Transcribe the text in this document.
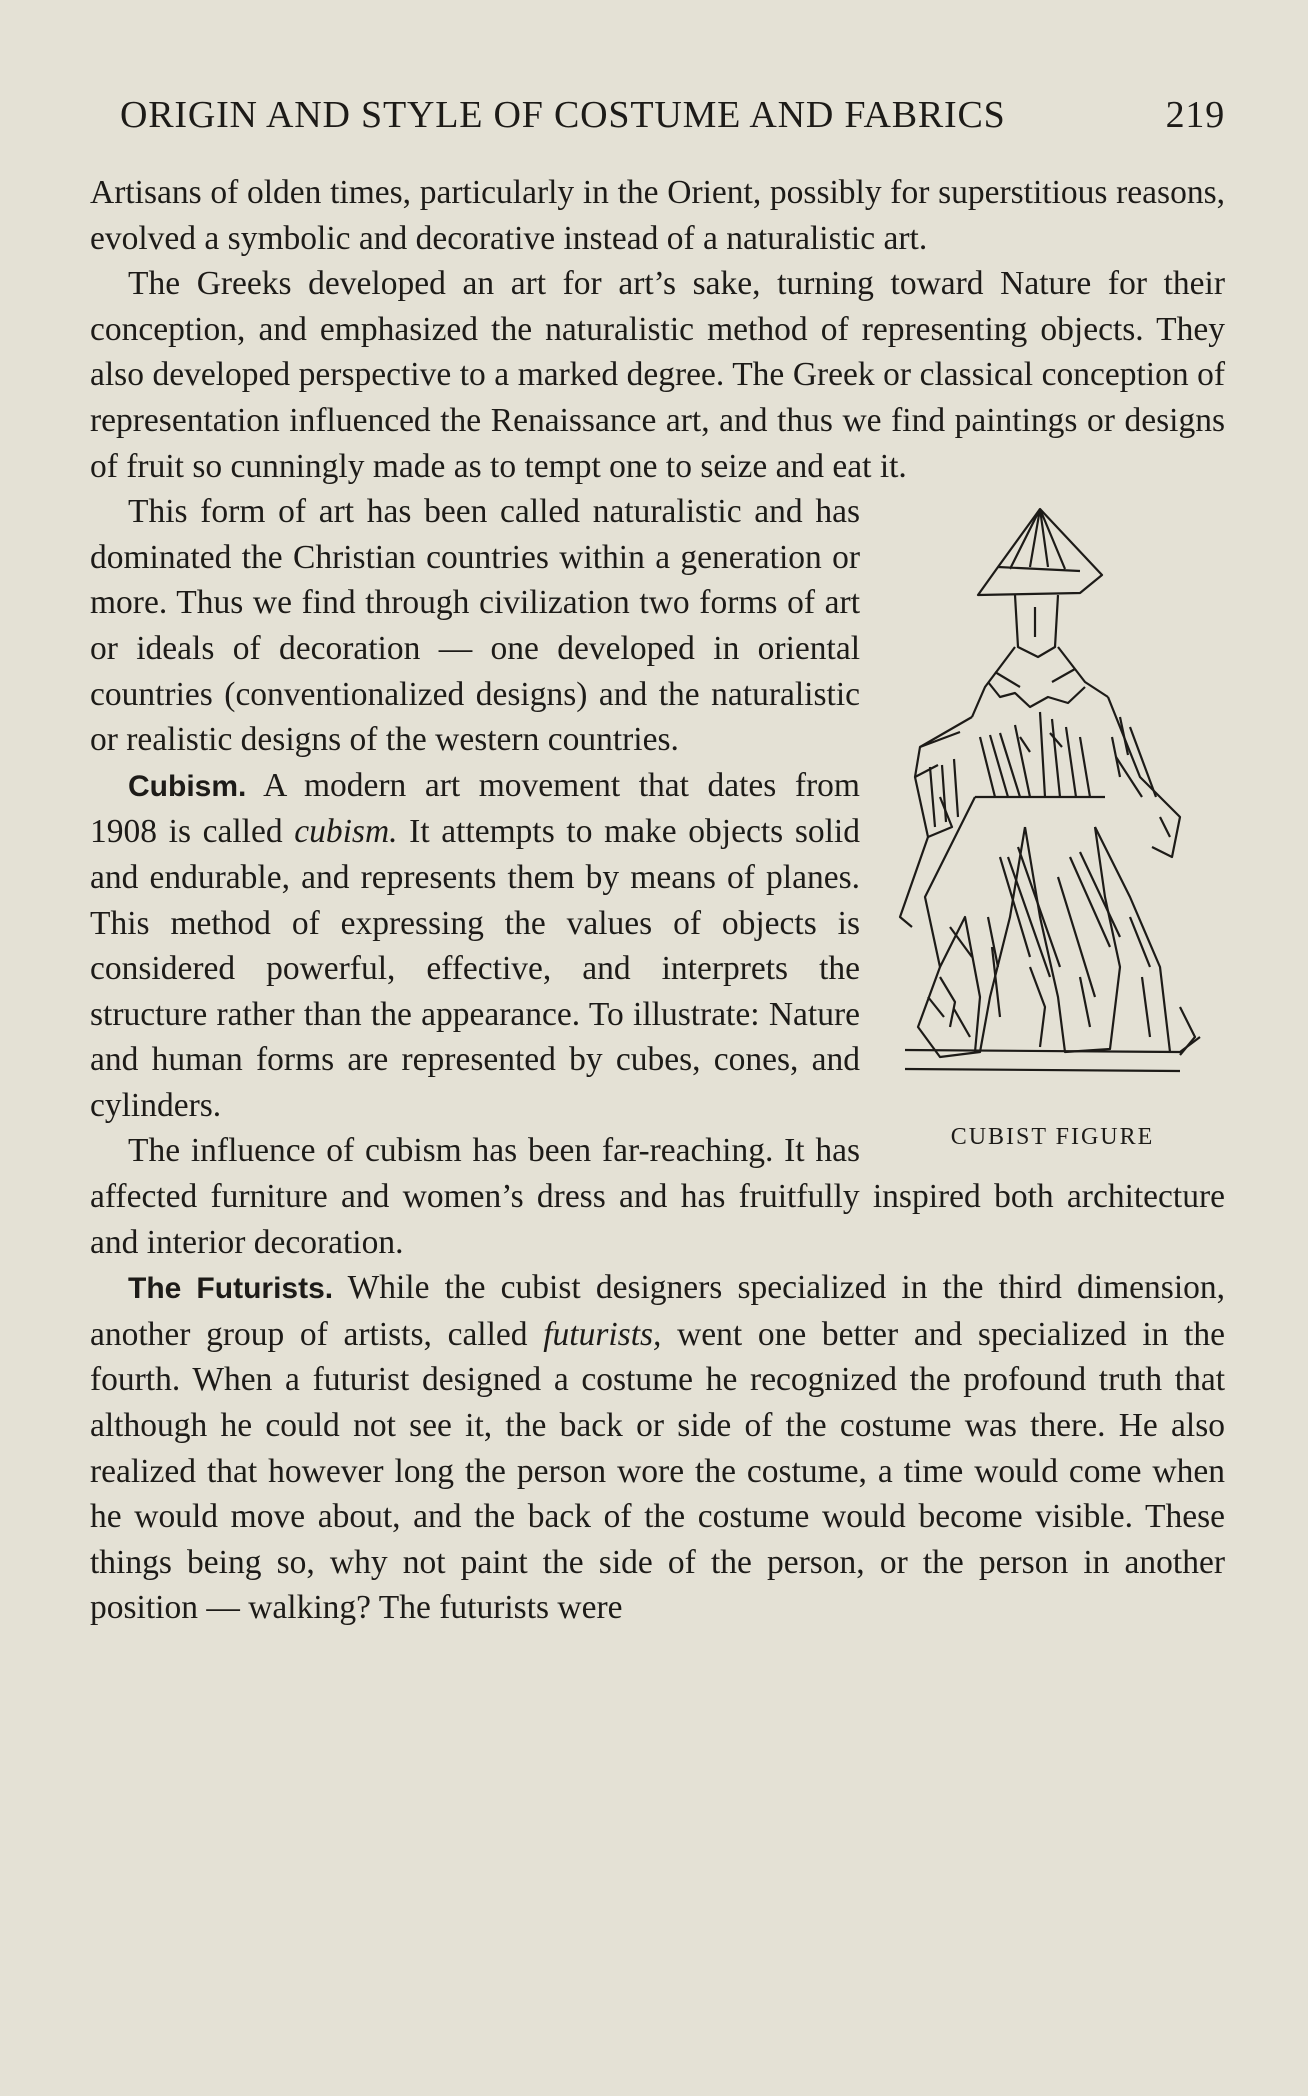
ORIGIN AND STYLE OF COSTUME AND FABRICS	219

Artisans of olden times, particularly in the Orient, possibly for superstitious reasons, evolved a symbolic and decorative instead of a naturalistic art.

The Greeks developed an art for art’s sake, turning toward Nature for their conception, and emphasized the naturalistic method of representing objects. They also developed perspective to a marked degree. The Greek or classical conception of representation influenced the Renaissance art, and thus we find paintings or designs of fruit so cunningly made as to tempt one to seize and eat it.

CUBIST FIGURE

This form of art has been called naturalistic and has dominated the Christian countries within a generation or more. Thus we find through civilization two forms of art or ideals of decoration — one developed in oriental countries (conventionalized designs) and the naturalistic or realistic designs of the western countries.

Cubism. A modern art movement that dates from 1908 is called cubism. It attempts to make objects solid and endurable, and represents them by means of planes. This method of expressing the values of objects is considered powerful, effective, and interprets the structure rather than the appearance. To illustrate: Nature and human forms are represented by cubes, cones, and cylinders.

The influence of cubism has been far-reaching. It has affected furniture and women’s dress and has fruitfully inspired both architecture and interior decoration.

The Futurists. While the cubist designers specialized in the third dimension, another group of artists, called futurists, went one better and specialized in the fourth. When a futurist designed a costume he recognized the profound truth that although he could not see it, the back or side of the costume was there. He also realized that however long the person wore the costume, a time would come when he would move about, and the back of the costume would become visible. These things being so, why not paint the side of the person, or the person in another position — walking? The futurists were
